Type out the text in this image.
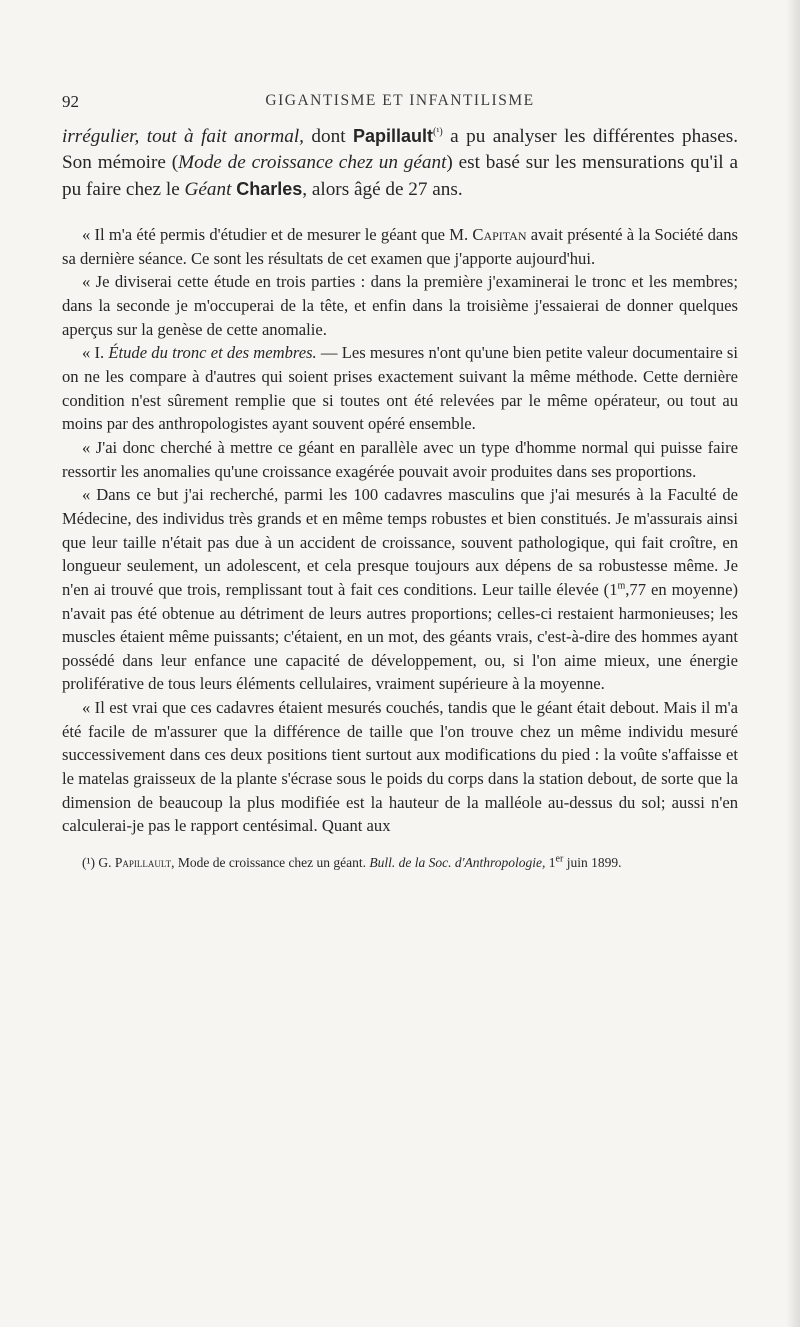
92	GIGANTISME ET INFANTILISME

irrégulier, tout à fait anormal, dont Papillault$^{(^1)}$ a pu analyser les différentes phases. Son mémoire (Mode de croissance chez un géant) est basé sur les mensurations qu'il a pu faire chez le Géant Charles, alors âgé de 27 ans.

« Il m'a été permis d'étudier et de mesurer le géant que M. Capitan avait présenté à la Société dans sa dernière séance. Ce sont les résultats de cet examen que j'apporte aujourd'hui.

« Je diviserai cette étude en trois parties : dans la première j'examinerai le tronc et les membres; dans la seconde je m'occuperai de la tête, et enfin dans la troisième j'essaierai de donner quelques aperçus sur la genèse de cette anomalie.

« I. Étude du tronc et des membres. — Les mesures n'ont qu'une bien petite valeur documentaire si on ne les compare à d'autres qui soient prises exactement suivant la même méthode. Cette dernière condition n'est sûrement remplie que si toutes ont été relevées par le même opérateur, ou tout au moins par des anthropologistes ayant souvent opéré ensemble.

« J'ai donc cherché à mettre ce géant en parallèle avec un type d'homme normal qui puisse faire ressortir les anomalies qu'une croissance exagérée pouvait avoir produites dans ses proportions.

« Dans ce but j'ai recherché, parmi les 100 cadavres masculins que j'ai mesurés à la Faculté de Médecine, des individus très grands et en même temps robustes et bien constitués. Je m'assurais ainsi que leur taille n'était pas due à un accident de croissance, souvent pathologique, qui fait croître, en longueur seulement, un adolescent, et cela presque toujours aux dépens de sa robustesse même. Je n'en ai trouvé que trois, remplissant tout à fait ces conditions. Leur taille élevée (1$^m$,77 en moyenne) n'avait pas été obtenue au détriment de leurs autres proportions; celles-ci restaient harmonieuses; les muscles étaient même puissants; c'étaient, en un mot, des géants vrais, c'est-à-dire des hommes ayant possédé dans leur enfance une capacité de développement, ou, si l'on aime mieux, une énergie proliférative de tous leurs éléments cellulaires, vraiment supérieure à la moyenne.

« Il est vrai que ces cadavres étaient mesurés couchés, tandis que le géant était debout. Mais il m'a été facile de m'assurer que la différence de taille que l'on trouve chez un même individu mesuré successivement dans ces deux positions tient surtout aux modifications du pied : la voûte s'affaisse et le matelas graisseux de la plante s'écrase sous le poids du corps dans la station debout, de sorte que la dimension de beaucoup la plus modifiée est la hauteur de la malléole au-dessus du sol; aussi n'en calculerai-je pas le rapport centésimal. Quant aux

(¹) G. Papillault, Mode de croissance chez un géant. Bull. de la Soc. d'Anthropologie, 1er juin 1899.
